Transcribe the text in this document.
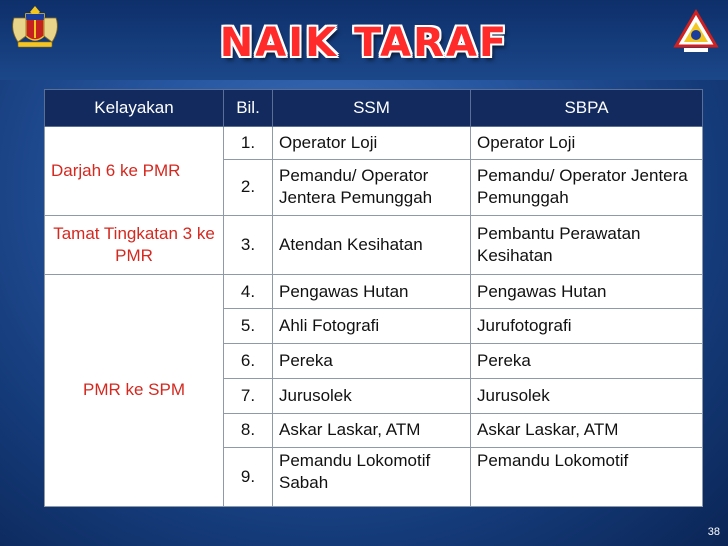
NAIK TARAF
Kelayakan	Bil.	SSM	SBPA
Darjah 6 ke PMR	1.	Operator Loji	Operator Loji
	2.	Pemandu/ Operator Jentera Pemunggah	Pemandu/ Operator Jentera Pemunggah
Tamat Tingkatan 3 ke PMR	3.	Atendan Kesihatan	Pembantu Perawatan Kesihatan
PMR ke SPM	4.	Pengawas Hutan	Pengawas Hutan
	5.	Ahli Fotografi	Jurufotografi
	6.	Pereka	Pereka
	7.	Jurusolek	Jurusolek
	8.	Askar Laskar, ATM	Askar Laskar, ATM
	9.	Pemandu Lokomotif Sabah	Pemandu Lokomotif
38
